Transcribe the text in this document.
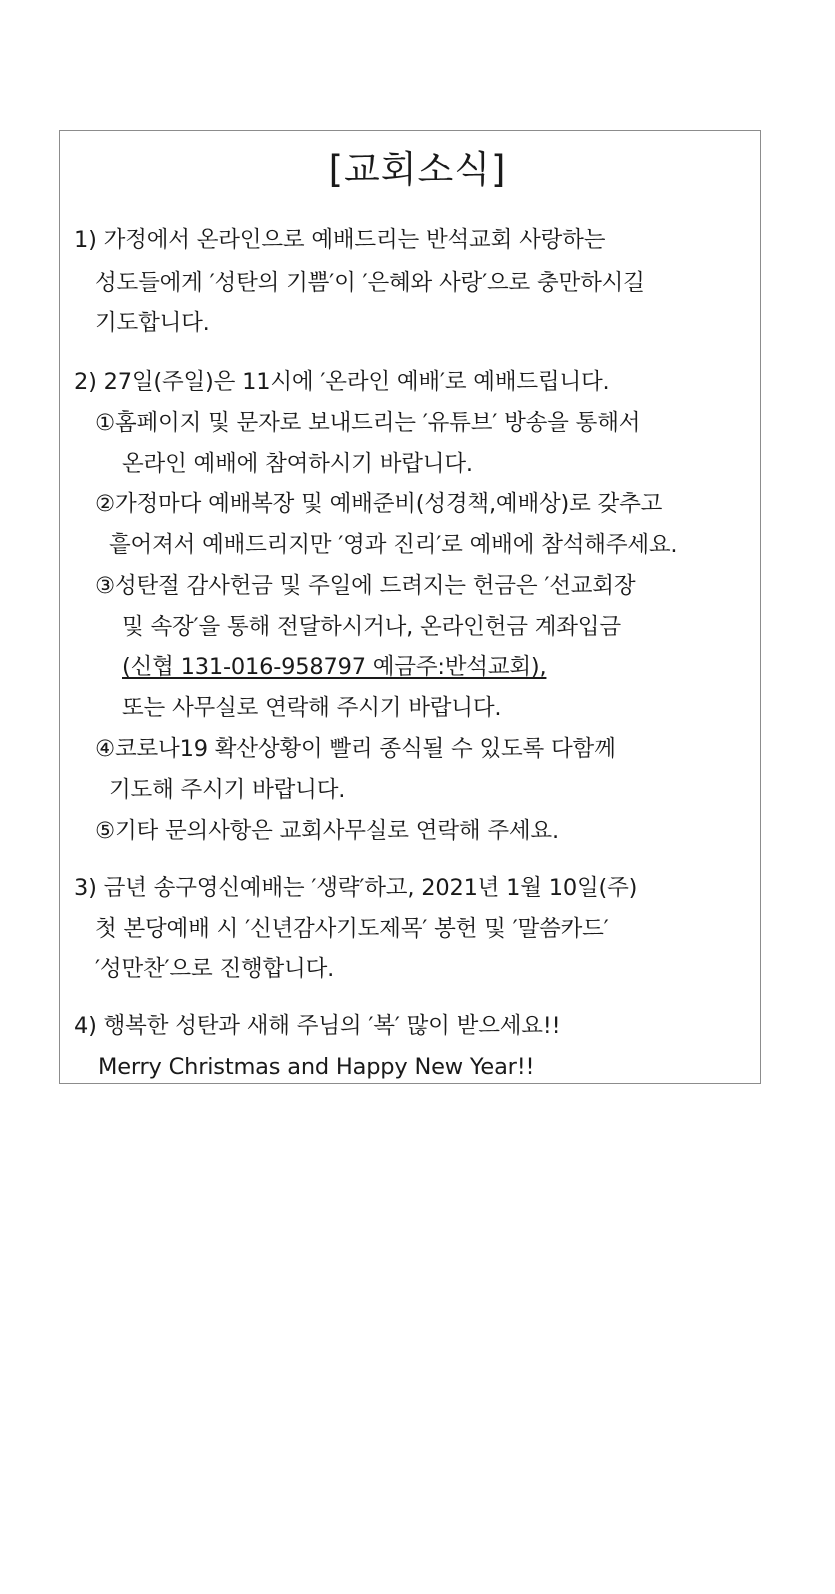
[교회소식]
1) 가정에서 온라인으로 예배드리는 반석교회 사랑하는
성도들에게 ′성탄의 기쁨′이 ′은혜와 사랑′으로 충만하시길
기도합니다.
2) 27일(주일)은 11시에 ′온라인 예배′로 예배드립니다.
①홈페이지 및 문자로 보내드리는 ′유튜브′ 방송을 통해서
온라인 예배에 참여하시기 바랍니다.
②가정마다 예배복장 및 예배준비(성경책,예배상)로 갖추고
흩어져서 예배드리지만 ′영과 진리′로 예배에 참석해주세요.
③성탄절 감사헌금 및 주일에 드려지는 헌금은 ′선교회장
및 속장′을 통해 전달하시거나, 온라인헌금 계좌입금
(신협 131-016-958797 예금주:반석교회),
또는 사무실로 연락해 주시기 바랍니다.
④코로나19 확산상황이 빨리 종식될 수 있도록 다함께
기도해 주시기 바랍니다.
⑤기타 문의사항은 교회사무실로 연락해 주세요.
3) 금년 송구영신예배는 ′생략′하고, 2021년 1월 10일(주)
첫 본당예배 시 ′신년감사기도제목′ 봉헌 및 ′말씀카드′
′성만찬′으로 진행합니다.
4) 행복한 성탄과 새해 주님의 ′복′ 많이 받으세요!!
Merry Christmas and Happy New Year!!
